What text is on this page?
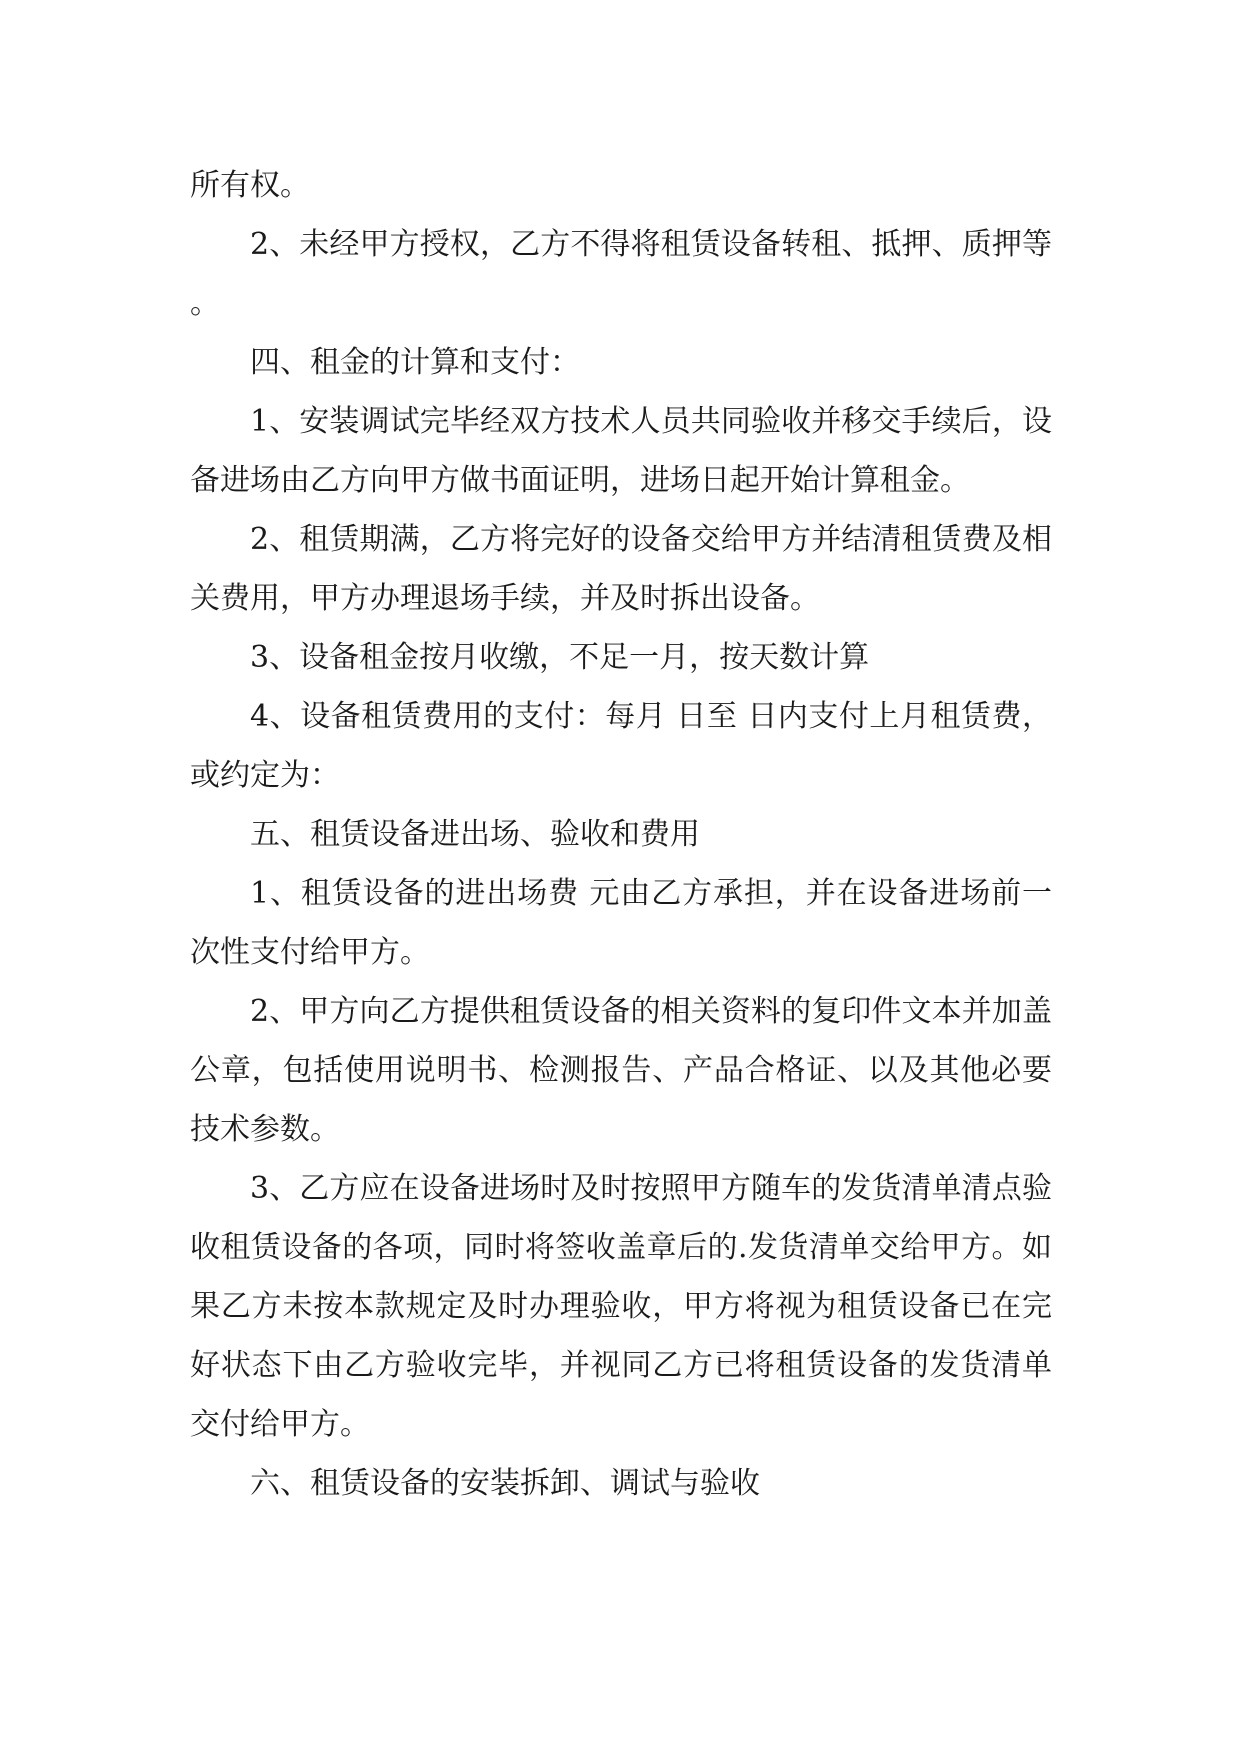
所有权。

2、未经甲方授权，乙方不得将租赁设备转租、抵押、质押等。

四、租金的计算和支付：

1、安装调试完毕经双方技术人员共同验收并移交手续后，设备进场由乙方向甲方做书面证明，进场日起开始计算租金。

2、租赁期满，乙方将完好的设备交给甲方并结清租赁费及相关费用，甲方办理退场手续，并及时拆出设备。

3、设备租金按月收缴，不足一月，按天数计算

4、设备租赁费用的支付：每月 日至 日内支付上月租赁费，或约定为：

五、租赁设备进出场、验收和费用

1、租赁设备的进出场费 元由乙方承担，并在设备进场前一次性支付给甲方。

2、甲方向乙方提供租赁设备的相关资料的复印件文本并加盖公章，包括使用说明书、检测报告、产品合格证、以及其他必要技术参数。

3、乙方应在设备进场时及时按照甲方随车的发货清单清点验收租赁设备的各项，同时将签收盖章后的.发货清单交给甲方。如果乙方未按本款规定及时办理验收，甲方将视为租赁设备已在完好状态下由乙方验收完毕，并视同乙方已将租赁设备的发货清单交付给甲方。

六、租赁设备的安装拆卸、调试与验收
